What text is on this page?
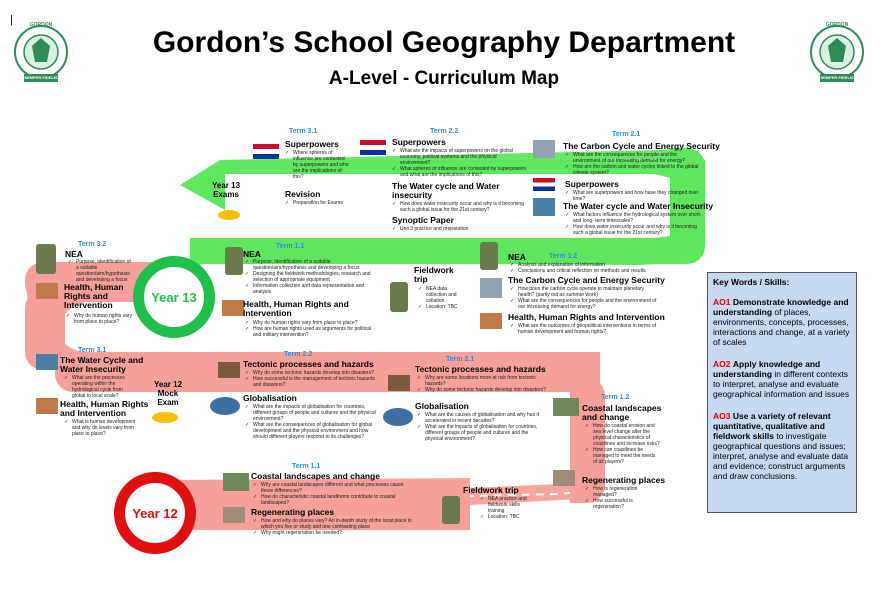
|	GORDON
SEMPER FIDELIS
GORDON
SEMPER FIDELIS
Gordon’s School Geography Department
A-Level - Curriculum Map
Year 13
Year 12
Year 13
Exams
Term 3.1
Superpowers
✓ Where spheres of influence are contested by superpowers and who are the implications of this?
Revision
✓ Preparation for Exams
Term 2.2
Superpowers
✓ What are the impacts of superpowers on the global economy, political systems and the physical environment?
✓ What spheres of influence are contested by superpowers and what are the implications of this?
The Water cycle and Water insecurity
✓ How does water insecurity occur and why is it becoming such a global issue for the 21st century?
Synoptic Paper
✓ Unit 3 practice and preparation
Term 2.1
The Carbon Cycle and Energy Security
✓ What are the consequences for people and the environment of our increasing demand for energy?
✓ How are the carbon and water cycles linked to the global climate system?
Superpowers
✓ What are superpowers and how have they changed over time?
The Water cycle and Water Insecurity
✓ What factors influence the hydrological system over short- and long- term timescales?
✓ How does water insecurity occur and why is it becoming such a global issue for the 21st century?
Term 3.2
NEA
✓ Purpose, identification of a suitable question/aim/hypothesis and developing a focus
Health, Human Rights and Intervention
✓ Why do human rights vary from place to place?
Term 1.1
NEA
✓ Purpose, identification of a suitable question/aim/hypothesis and developing a focus
✓ Designing the fieldwork methodologies, research and selection of appropriate equipment
✓ Information collection and data representation and analysis
Health, Human Rights and Intervention
✓ Why do human rights vary from place to place?
✓ How are human rights used as arguments for political and military intervention?
Fieldwork trip
✓ NEA data collection and collation
✓ Location: TBC
Term 1.2
NEA
✓ Analysis and explanation of information
✓ Conclusions and critical reflection on methods and results
The Carbon Cycle and Energy Security
✓ How does the carbon cycle operate to maintain planetary health? (partly out as summer work)
✓ What are the consequences for people and the environment of our increasing demand for energy?
Health, Human Rights and Intervention
✓ What are the outcomes of geopolitical interventions in terms of human development and human rights?
Term 3.1
The Water Cycle and Water Insecurity
✓ What are the processes operating within the hydrological cycle from global to local scale?
Health, Human Rights and Intervention
✓ What is human development and why do levels vary from place to place?
Year 12
Mock
Exam
Term 2.2
Tectonic processes and hazards
✓ Why do some tectonic hazards develop into disasters?
✓ How successful is the management of tectonic hazards and disasters?
Globalisation
✓ What are the impacts of globalisation for countries, different groups of people and cultures and the physical environment?
✓ What are the consequences of globalisation for global development and the physical environment and how should different players respond to its challenges?
Term 2.1
Tectonic processes and hazards
✓ Why are some locations more at risk from tectonic hazards?
✓ Why do some tectonic hazards develop into disasters?
Globalisation
✓ What are the causes of globalisation and why has it accelerated in recent decades?
✓ What are the impacts of globalisation for countries, different groups of people and cultures and the physical environment?
Term 1.2
Coastal landscapes and change
✓ How do coastal erosion and sea level change alter the physical characteristics of coastlines and increase risks?
✓ How can coastlines be managed to meet the needs of all players?
Regenerating places
✓ How is regeneration managed?
✓ How successful is regeneration?
Term 1.1
Coastal landscapes and change
✓ Why are coastal landscapes different and what processes cause these differences?
✓ How do characteristic coastal landforms contribute to coastal landscapes?
Regenerating places
✓ How and why do places vary? An in-depth study of the local place in which you live or study and one contrasting place
✓ Why might regeneration be needed?
Fieldwork trip
✓ NEA practice and fieldwork skills training
✓ Location: TBC
Key Words / Skills:
AO1 Demonstrate knowledge and understanding of places, environments, concepts, processes, interactions and change, at a variety of scales
AO2 Apply knowledge and understanding in different contexts to interpret, analyse and evaluate geographical information and issues
AO3 Use a variety of relevant quantitative, qualitative and fieldwork skills to investigate geographical questions and issues; interpret, analyse and evaluate data and evidence; construct arguments and draw conclusions.
